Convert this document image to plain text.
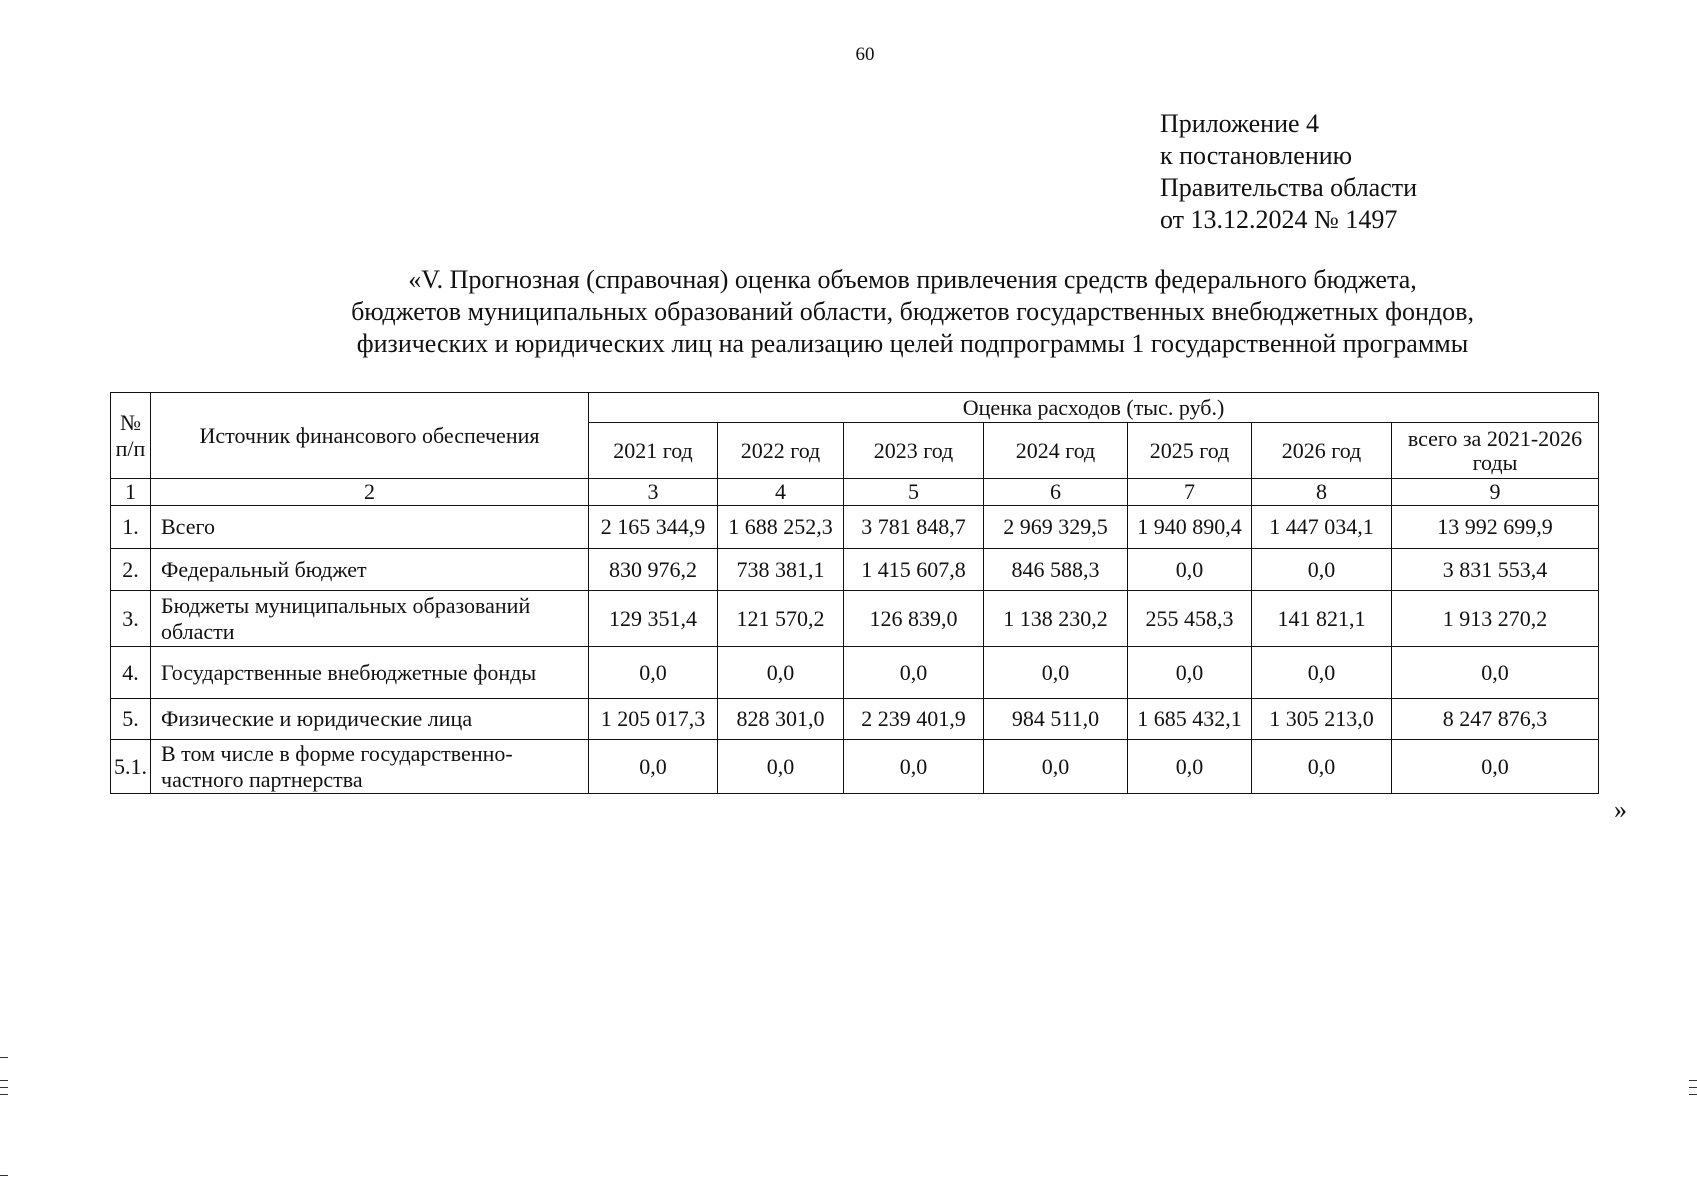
60
Приложение 4
к постановлению
Правительства области
от 13.12.2024 № 1497
«V. Прогнозная (справочная) оценка объемов привлечения средств федерального бюджета,
бюджетов муниципальных образований области, бюджетов государственных внебюджетных фондов,
физических и юридических лиц на реализацию целей подпрограммы 1 государственной программы
№ п/п	Источник финансового обеспечения	Оценка расходов (тыс. руб.)						
		2021 год	2022 год	2023 год	2024 год	2025 год	2026 год	всего за 2021-2026 годы
1	2	3	4	5	6	7	8	9
1.	Всего	2 165 344,9	1 688 252,3	3 781 848,7	2 969 329,5	1 940 890,4	1 447 034,1	13 992 699,9
2.	Федеральный бюджет	830 976,2	738 381,1	1 415 607,8	846 588,3	0,0	0,0	3 831 553,4
3.	Бюджеты муниципальных образований области	129 351,4	121 570,2	126 839,0	1 138 230,2	255 458,3	141 821,1	1 913 270,2
4.	Государственные внебюджетные фонды	0,0	0,0	0,0	0,0	0,0	0,0	0,0
5.	Физические и юридические лица	1 205 017,3	828 301,0	2 239 401,9	984 511,0	1 685 432,1	1 305 213,0	8 247 876,3
5.1.	В том числе в форме государственно-частного партнерства	0,0	0,0	0,0	0,0	0,0	0,0	0,0
»
